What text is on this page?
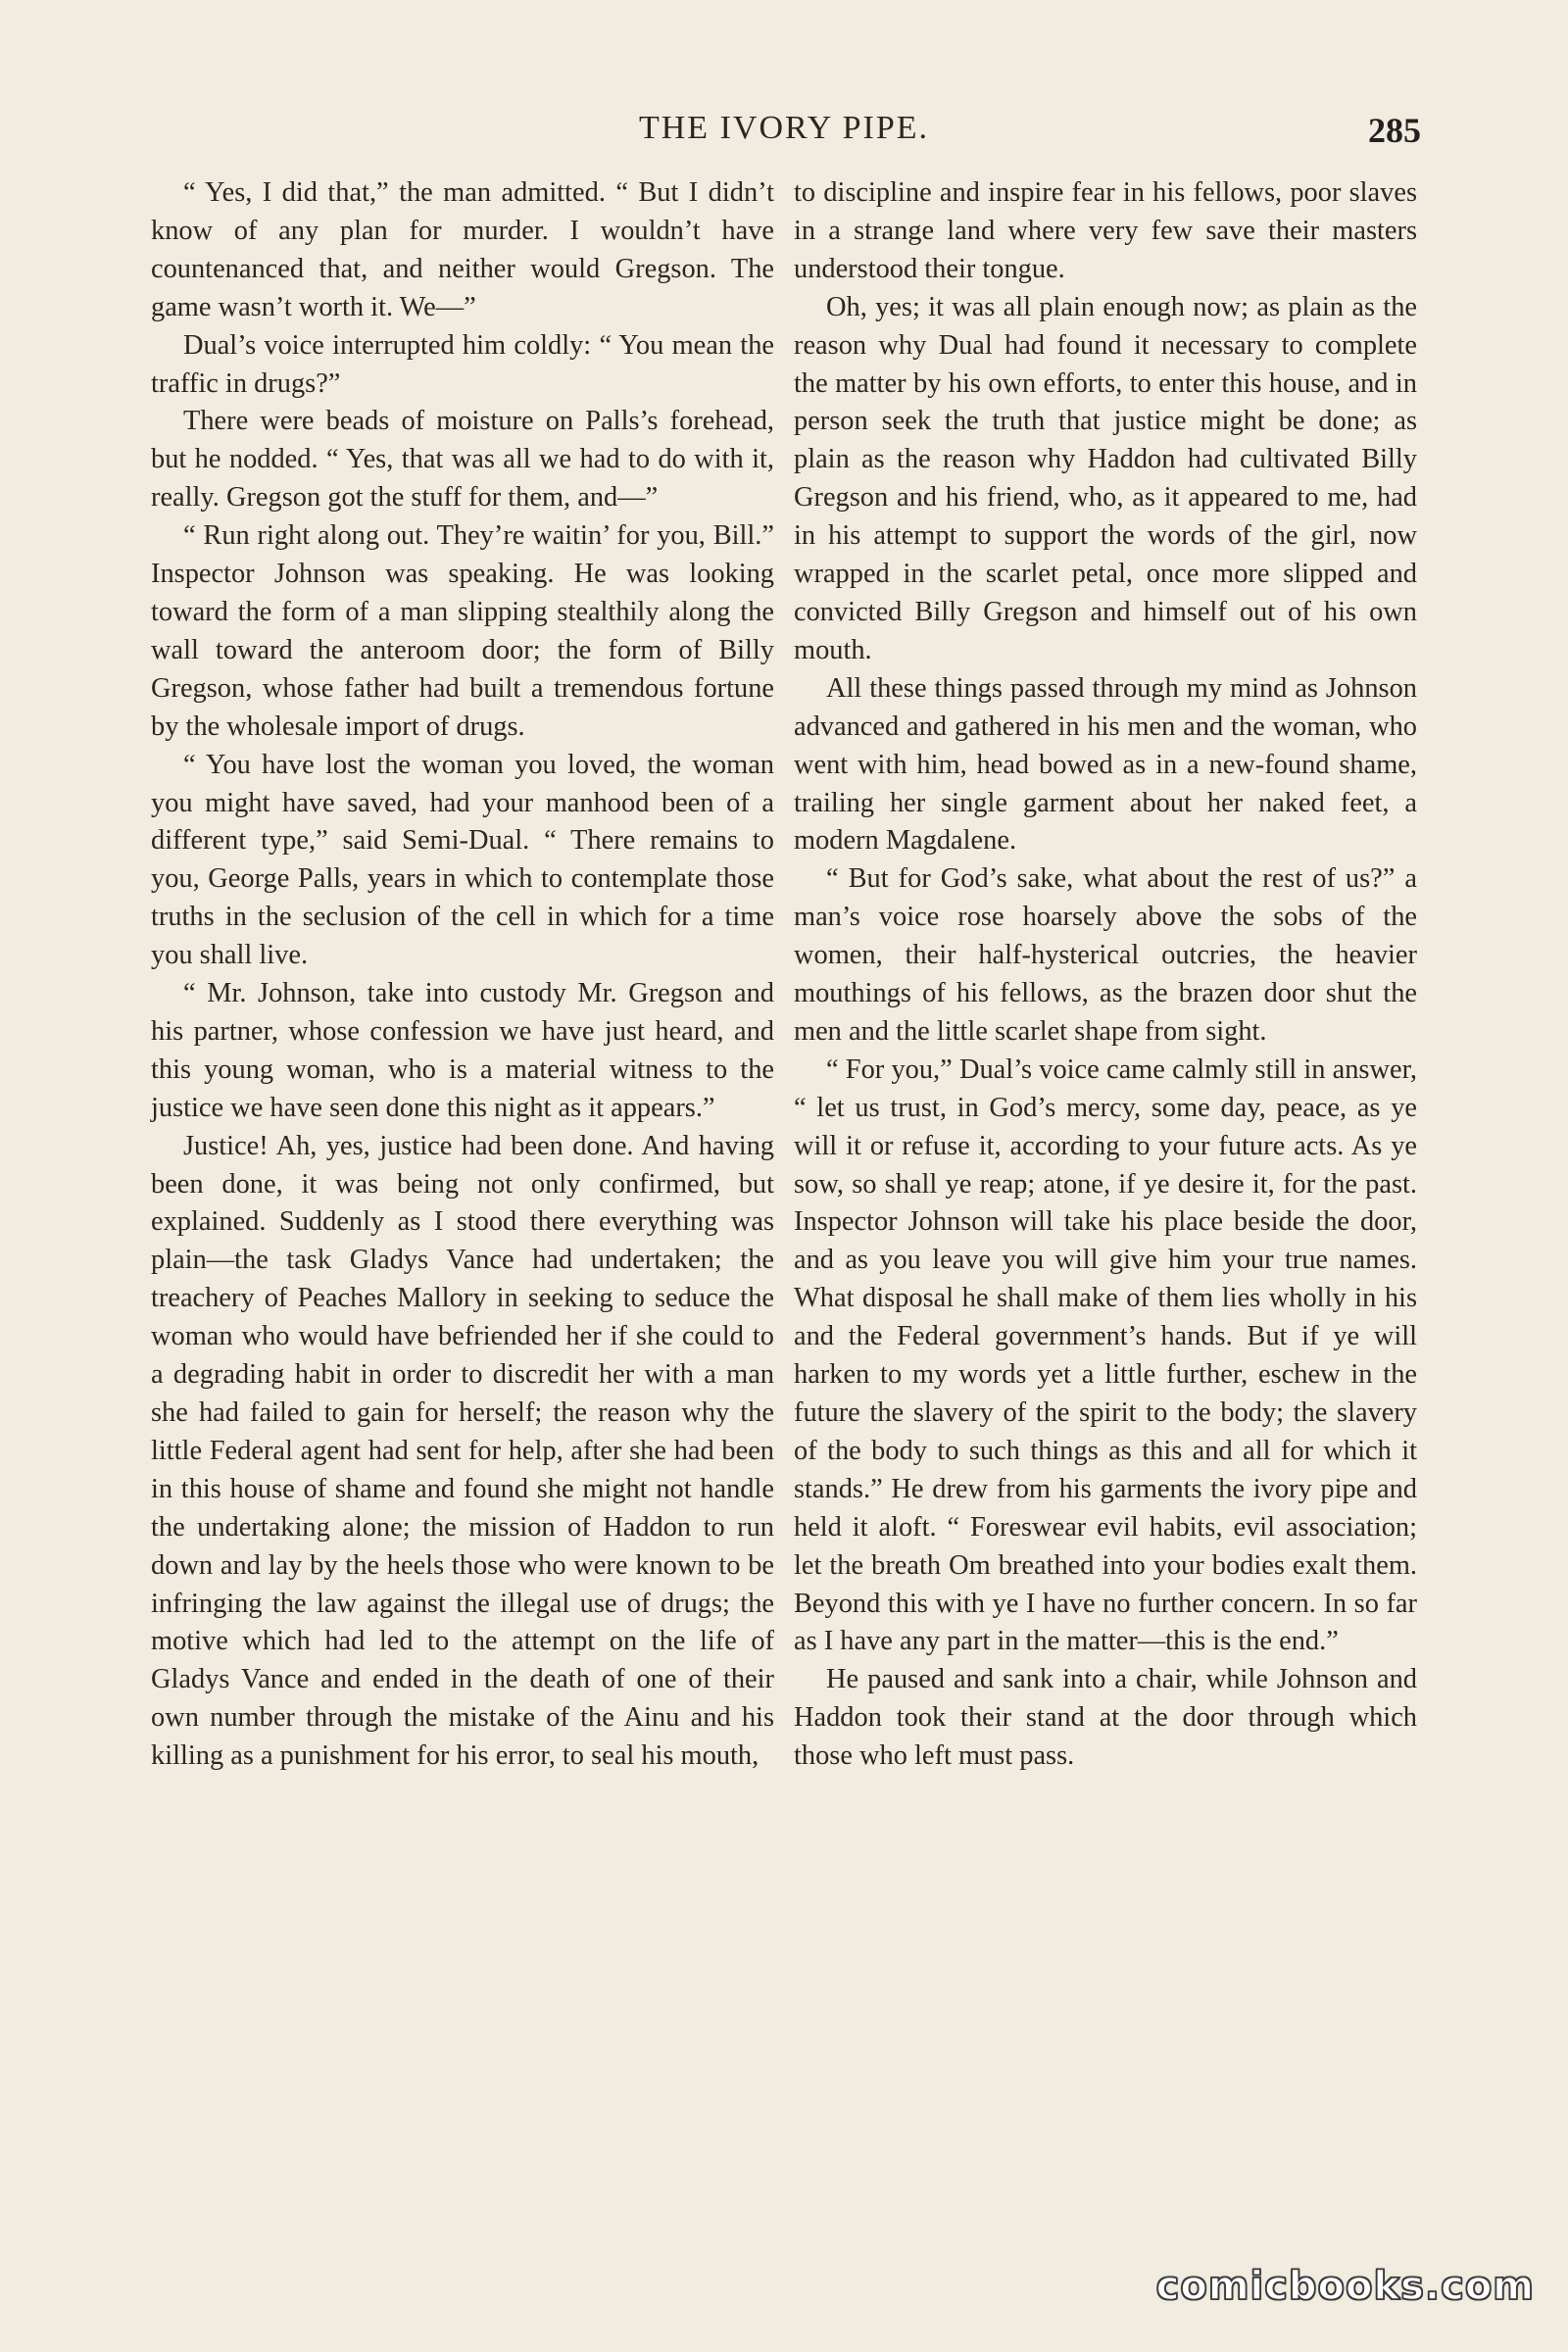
THE IVORY PIPE.	285

“ Yes, I did that,” the man admitted. “ But I didn’t know of any plan for murder. I wouldn’t have countenanced that, and neither would Gregson. The game wasn’t worth it. We—”

Dual’s voice interrupted him coldly: “ You mean the traffic in drugs?”

There were beads of moisture on Palls’s forehead, but he nodded. “ Yes, that was all we had to do with it, really. Gregson got the stuff for them, and—”

“ Run right along out. They’re waitin’ for you, Bill.” Inspector Johnson was speaking. He was looking toward the form of a man slipping stealthily along the wall toward the anteroom door; the form of Billy Gregson, whose father had built a tremendous fortune by the wholesale import of drugs.

“ You have lost the woman you loved, the woman you might have saved, had your manhood been of a different type,” said Semi-Dual. “ There remains to you, George Palls, years in which to contemplate those truths in the seclusion of the cell in which for a time you shall live.

“ Mr. Johnson, take into custody Mr. Gregson and his partner, whose confession we have just heard, and this young woman, who is a material witness to the justice we have seen done this night as it appears.”

Justice! Ah, yes, justice had been done. And having been done, it was being not only confirmed, but explained. Suddenly as I stood there everything was plain—the task Gladys Vance had undertaken; the treachery of Peaches Mallory in seeking to seduce the woman who would have befriended her if she could to a degrading habit in order to discredit her with a man she had failed to gain for herself; the reason why the little Federal agent had sent for help, after she had been in this house of shame and found she might not handle the undertaking alone; the mission of Haddon to run down and lay by the heels those who were known to be infringing the law against the illegal use of drugs; the motive which had led to the attempt on the life of Gladys Vance and ended in the death of one of their own number through the mistake of the Ainu and his killing as a punishment for his error, to seal his mouth,

to discipline and inspire fear in his fellows, poor slaves in a strange land where very few save their masters understood their tongue.

Oh, yes; it was all plain enough now; as plain as the reason why Dual had found it necessary to complete the matter by his own efforts, to enter this house, and in person seek the truth that justice might be done; as plain as the reason why Haddon had cultivated Billy Gregson and his friend, who, as it appeared to me, had in his attempt to support the words of the girl, now wrapped in the scarlet petal, once more slipped and convicted Billy Gregson and himself out of his own mouth.

All these things passed through my mind as Johnson advanced and gathered in his men and the woman, who went with him, head bowed as in a new-found shame, trailing her single garment about her naked feet, a modern Magdalene.

“ But for God’s sake, what about the rest of us?” a man’s voice rose hoarsely above the sobs of the women, their half-hysterical outcries, the heavier mouthings of his fellows, as the brazen door shut the men and the little scarlet shape from sight.

“ For you,” Dual’s voice came calmly still in answer, “ let us trust, in God’s mercy, some day, peace, as ye will it or refuse it, according to your future acts. As ye sow, so shall ye reap; atone, if ye desire it, for the past. Inspector Johnson will take his place beside the door, and as you leave you will give him your true names. What disposal he shall make of them lies wholly in his and the Federal government’s hands. But if ye will harken to my words yet a little further, eschew in the future the slavery of the spirit to the body; the slavery of the body to such things as this and all for which it stands.” He drew from his garments the ivory pipe and held it aloft. “ Foreswear evil habits, evil association; let the breath Om breathed into your bodies exalt them. Beyond this with ye I have no further concern. In so far as I have any part in the matter—this is the end.”

He paused and sank into a chair, while Johnson and Haddon took their stand at the door through which those who left must pass.

comicbooks.com
